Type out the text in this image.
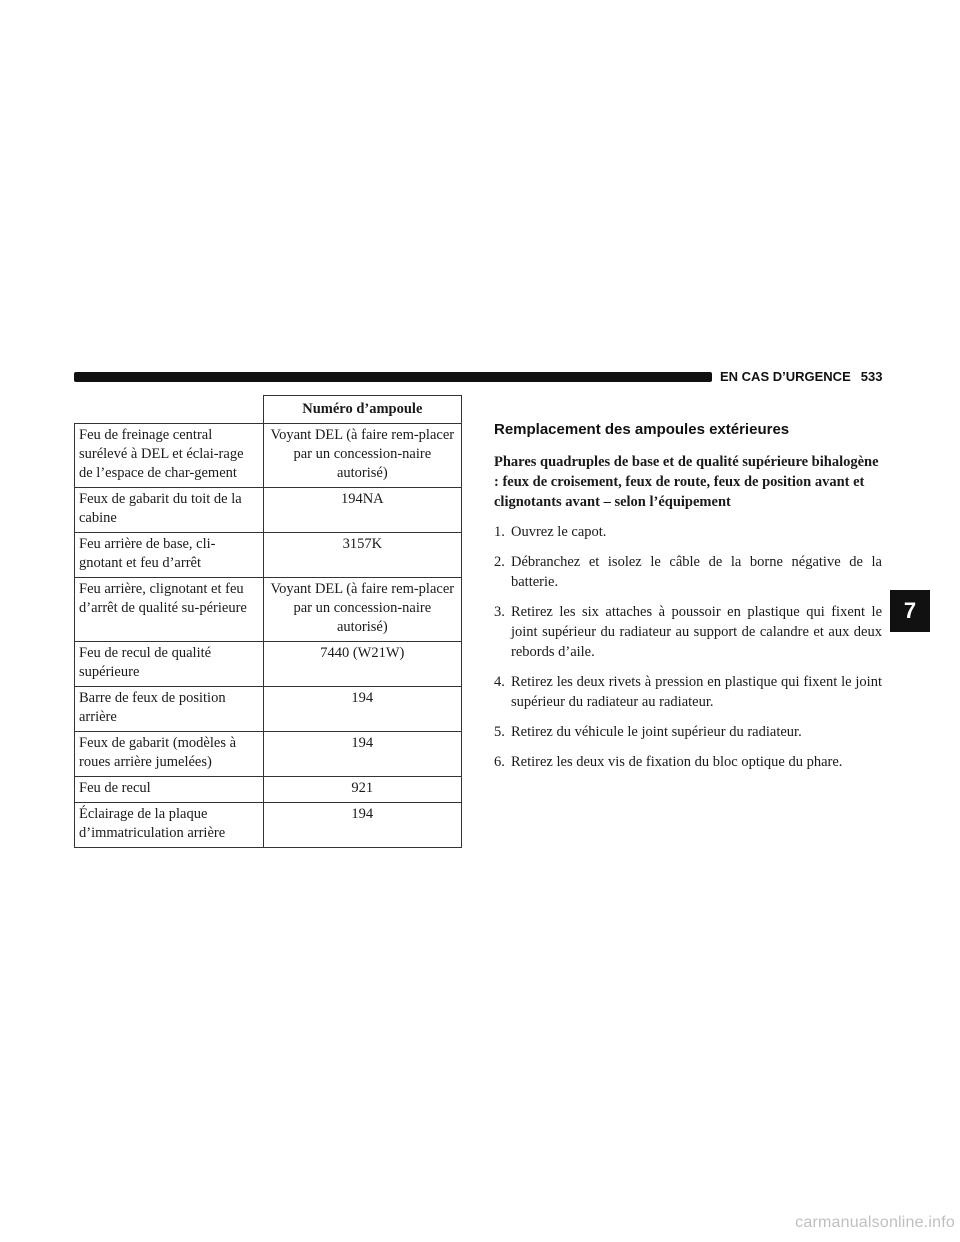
EN CAS D’URGENCE 533
	Numéro d’ampoule
Feu de freinage central surélevé à DEL et éclai-rage de l’espace de char-gement	Voyant DEL (à faire rem-placer par un concession-naire autorisé)
Feux de gabarit du toit de la cabine	194NA
Feu arrière de base, cli-gnotant et feu d’arrêt	3157K
Feu arrière, clignotant et feu d’arrêt de qualité su-périeure	Voyant DEL (à faire rem-placer par un concession-naire autorisé)
Feu de recul de qualité supérieure	7440 (W21W)
Barre de feux de position arrière	194
Feux de gabarit (modèles à roues arrière jumelées)	194
Feu de recul	921
Éclairage de la plaque d’immatriculation arrière	194
Remplacement des ampoules extérieures

Phares quadruples de base et de qualité supérieure bihalogène : feux de croisement, feux de route, feux de position avant et clignotants avant – selon l’équipement

1. Ouvrez le capot.
2. Débranchez et isolez le câble de la borne négative de la batterie.
3. Retirez les six attaches à poussoir en plastique qui fixent le joint supérieur du radiateur au support de calandre et aux deux rebords d’aile.
4. Retirez les deux rivets à pression en plastique qui fixent le joint supérieur du radiateur au radiateur.
5. Retirez du véhicule le joint supérieur du radiateur.
6. Retirez les deux vis de fixation du bloc optique du phare.
7
carmanualsonline.info
